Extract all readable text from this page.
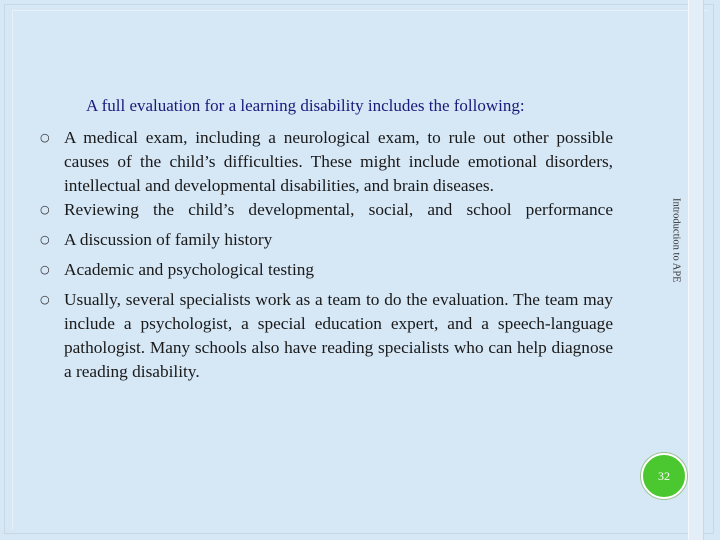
A full evaluation for a learning disability includes the following:
○ A medical exam, including a neurological exam, to rule out other possible causes of the child’s difficulties. These might include emotional disorders, intellectual and developmental disabilities, and brain diseases.
○ Reviewing the child’s developmental, social, and school performance
○ A discussion of family history
○ Academic and psychological testing
○ Usually, several specialists work as a team to do the evaluation. The team may include a psychologist, a special education expert, and a speech-language pathologist. Many schools also have reading specialists who can help diagnose a reading disability.
Introduction to APE
32
